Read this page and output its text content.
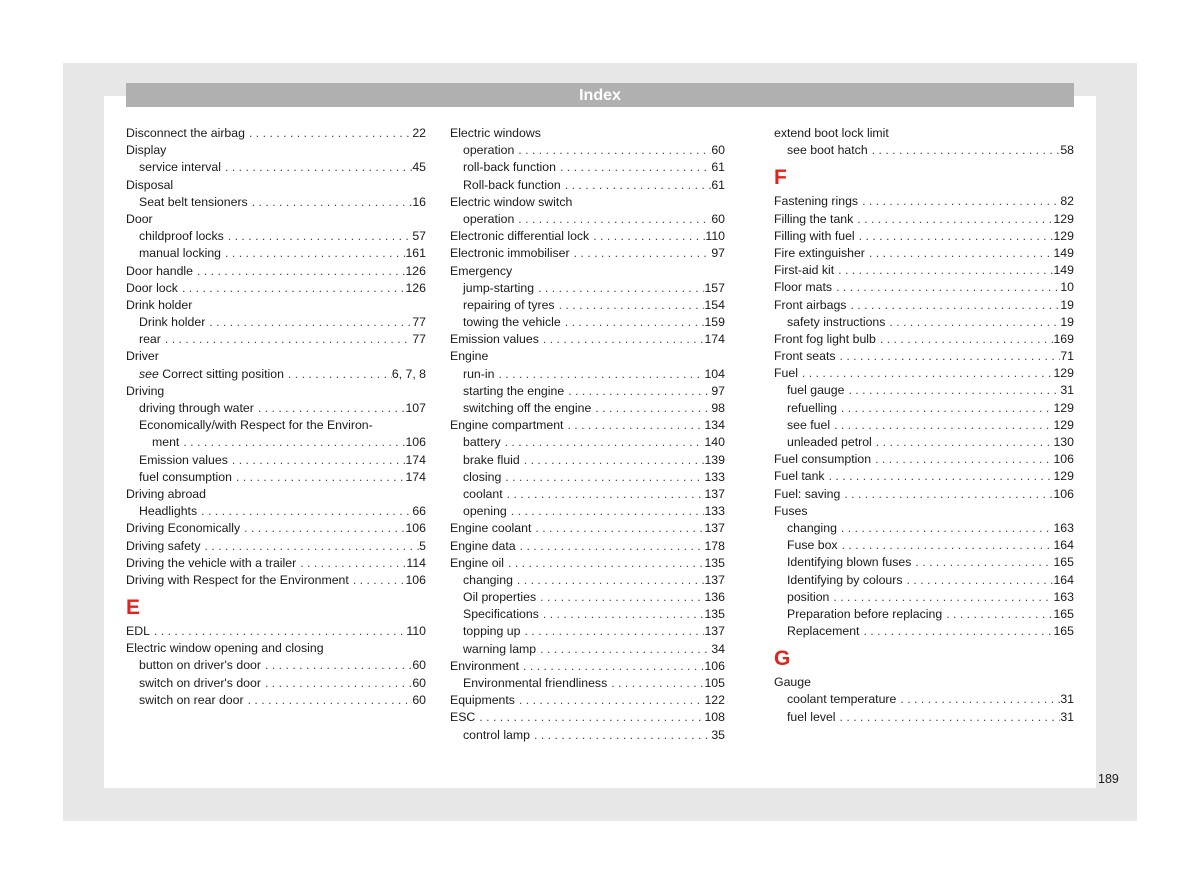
Index
Disconnect the airbag . . .	22
Display
service interval . . .	45
Disposal
Seat belt tensioners . . .	16
Door
childproof locks . . .	57
manual locking . . .	161
Door handle . . .	126
Door lock . . .	126
Drink holder
Drink holder . . .	77
rear . . .	77
Driver
see Correct sitting position . . .	6, 7, 8
Driving
driving through water . . .	107
Economically/with Respect for the Environ-
ment . . .	106
Emission values . . .	174
fuel consumption . . .	174
Driving abroad
Headlights . . .	66
Driving Economically . . .	106
Driving safety . . .	5
Driving the vehicle with a trailer . . .	114
Driving with Respect for the Environment . . .	106
E
EDL . . .	110
Electric window opening and closing
button on driver's door . . .	60
switch on driver's door . . .	60
switch on rear door . . .	60
Electric windows
operation . . .	60
roll-back function . . .	61
Roll-back function . . .	61
Electric window switch
operation . . .	60
Electronic differential lock . . .	110
Electronic immobiliser . . .	97
Emergency
jump-starting . . .	157
repairing of tyres . . .	154
towing the vehicle . . .	159
Emission values . . .	174
Engine
run-in . . .	104
starting the engine . . .	97
switching off the engine . . .	98
Engine compartment . . .	134
battery . . .	140
brake fluid . . .	139
closing . . .	133
coolant . . .	137
opening . . .	133
Engine coolant . . .	137
Engine data . . .	178
Engine oil . . .	135
changing . . .	137
Oil properties . . .	136
Specifications . . .	135
topping up . . .	137
warning lamp . . .	34
Environment . . .	106
Environmental friendliness . . .	105
Equipments . . .	122
ESC . . .	108
control lamp . . .	35
extend boot lock limit
see boot hatch . . .	58
F
Fastening rings . . .	82
Filling the tank . . .	129
Filling with fuel . . .	129
Fire extinguisher . . .	149
First-aid kit . . .	149
Floor mats . . .	10
Front airbags . . .	19
safety instructions . . .	19
Front fog light bulb . . .	169
Front seats . . .	71
Fuel . . .	129
fuel gauge . . .	31
refuelling . . .	129
see fuel . . .	129
unleaded petrol . . .	130
Fuel consumption . . .	106
Fuel tank . . .	129
Fuel: saving . . .	106
Fuses
changing . . .	163
Fuse box . . .	164
Identifying blown fuses . . .	165
Identifying by colours . . .	164
position . . .	163
Preparation before replacing . . .	165
Replacement . . .	165
G
Gauge
coolant temperature . . .	31
fuel level . . .	31
189
